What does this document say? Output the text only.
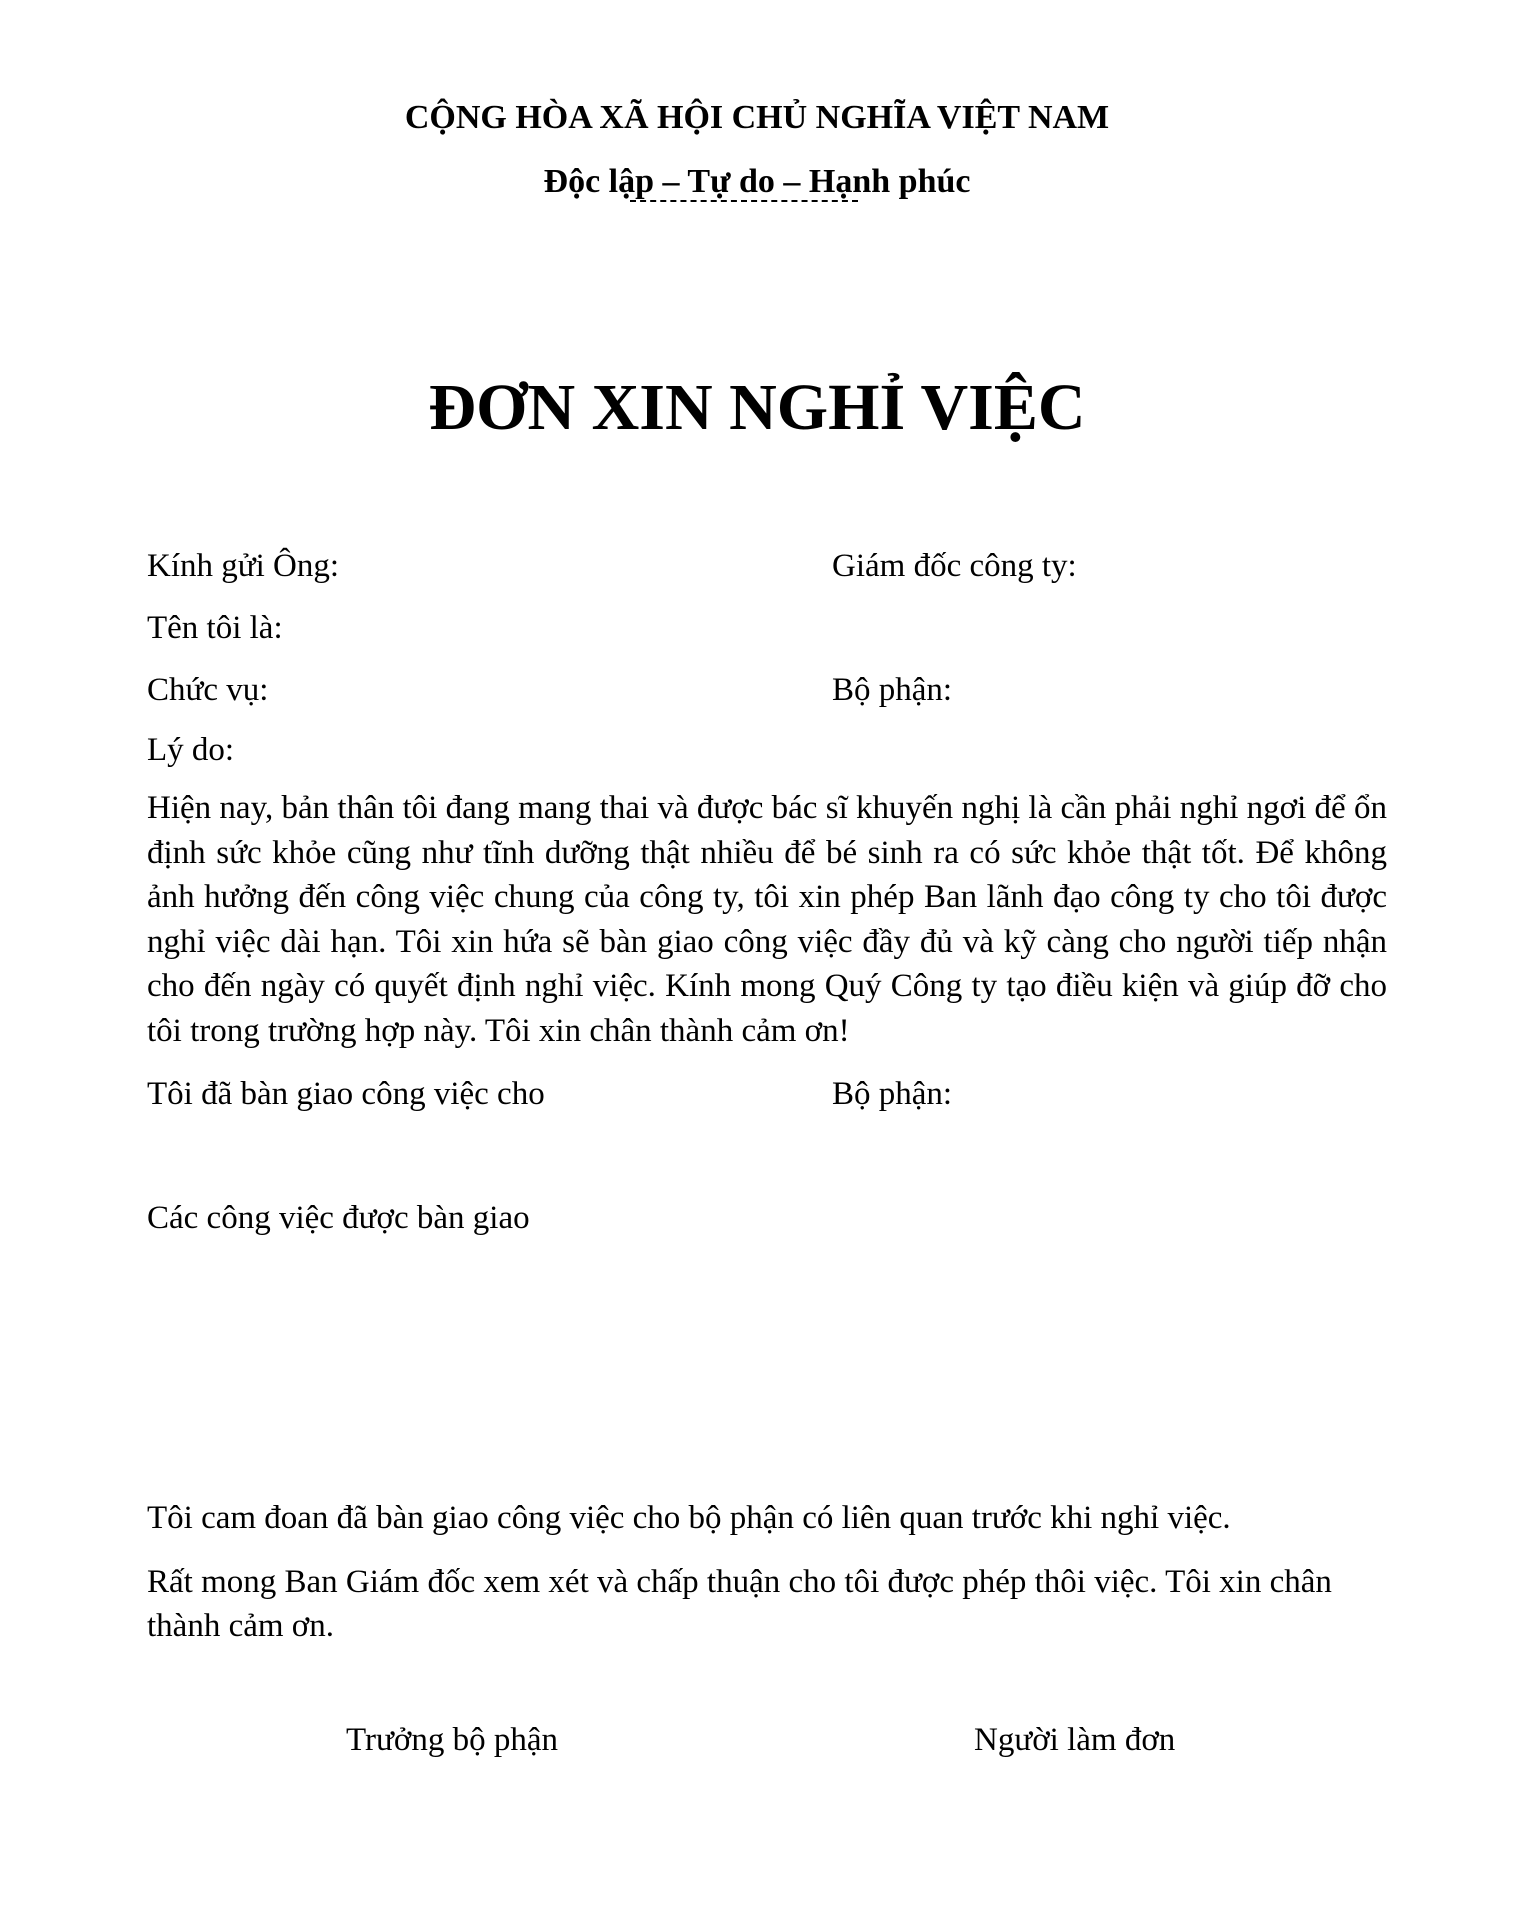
CỘNG HÒA XÃ HỘI CHỦ NGHĨA VIỆT NAM
Độc lập – Tự do – Hạnh phúc
ĐƠN XIN NGHỈ VIỆC
Kính gửi Ông:	Giám đốc công ty:
Tên tôi là:
Chức vụ:	Bộ phận:
Lý do:
Hiện nay, bản thân tôi đang mang thai và được bác sĩ khuyến nghị là cần phải nghỉ ngơi để ổn định sức khỏe cũng như tĩnh dưỡng thật nhiều để bé sinh ra có sức khỏe thật tốt. Để không ảnh hưởng đến công việc chung của công ty, tôi xin phép Ban lãnh đạo công ty cho tôi được nghỉ việc dài hạn. Tôi xin hứa sẽ bàn giao công việc đầy đủ và kỹ càng cho người tiếp nhận cho đến ngày có quyết định nghỉ việc. Kính mong Quý Công ty tạo điều kiện và giúp đỡ cho tôi trong trường hợp này. Tôi xin chân thành cảm ơn!
Tôi đã bàn giao công việc cho	Bộ phận:
Các công việc được bàn giao
Tôi cam đoan đã bàn giao công việc cho bộ phận có liên quan trước khi nghỉ việc.
Rất mong Ban Giám đốc xem xét và chấp thuận cho tôi được phép thôi việc. Tôi xin chân thành cảm ơn.
Trưởng bộ phận	Người làm đơn
